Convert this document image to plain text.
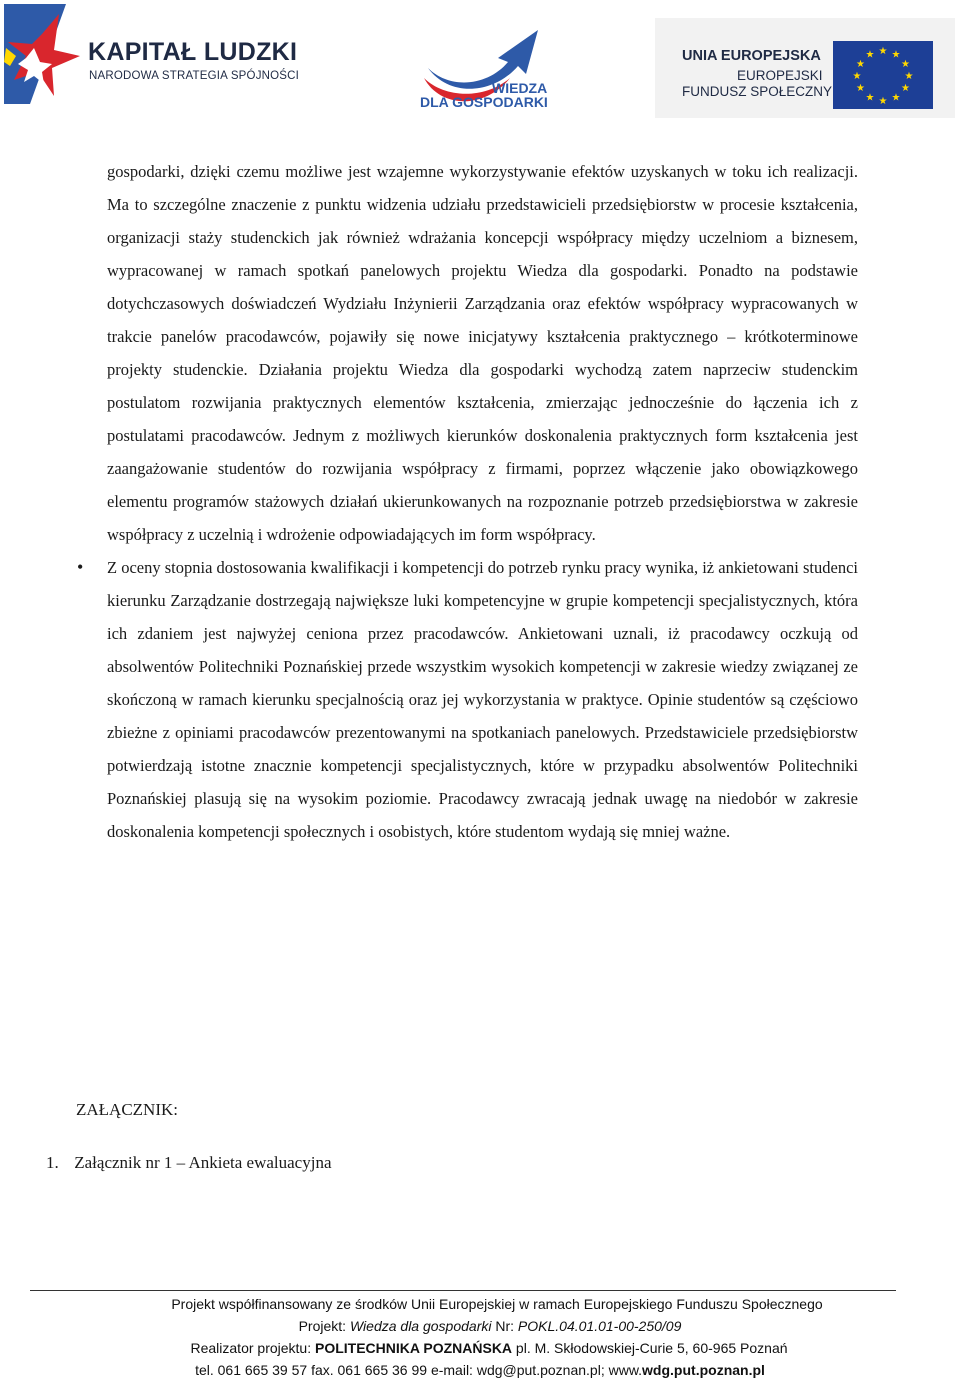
KAPITAŁ LUDZKI
NARODOWA STRATEGIA SPÓJNOŚCI
WIEDZA
DLA GOSPODARKI
UNIA EUROPEJSKA
EUROPEJSKI
FUNDUSZ SPOŁECZNY
★ ★
★
★
★
★
★
★
★
★
★
★

gospodarki, dzięki czemu możliwe jest wzajemne wykorzystywanie efektów uzyskanych w toku ich realizacji. Ma to szczególne znaczenie z punktu widzenia udziału przedstawicieli przedsiębiorstw w procesie kształcenia, organizacji staży studenckich jak również wdrażania koncepcji współpracy między uczelniom a biznesem, wypracowanej w ramach spotkań panelowych projektu Wiedza dla gospodarki. Ponadto na podstawie dotychczasowych doświadczeń Wydziału Inżynierii Zarządzania oraz efektów współpracy wypracowanych w trakcie panelów pracodawców, pojawiły się nowe inicjatywy kształcenia praktycznego – krótkoterminowe projekty studenckie. Działania projektu Wiedza dla gospodarki wychodzą zatem naprzeciw studenckim postulatom rozwijania praktycznych elementów kształcenia, zmierzając jednocześnie do łączenia ich z postulatami pracodawców. Jednym z możliwych kierunków doskonalenia praktycznych form kształcenia jest zaangażowanie studentów do rozwijania współpracy z firmami, poprzez włączenie jako obowiązkowego elementu programów stażowych działań ukierunkowanych na rozpoznanie potrzeb przedsiębiorstwa w zakresie współpracy z uczelnią i wdrożenie odpowiadających im form współpracy.

• Z oceny stopnia dostosowania kwalifikacji i kompetencji do potrzeb rynku pracy wynika, iż ankietowani studenci kierunku Zarządzanie dostrzegają największe luki kompetencyjne w grupie kompetencji specjalistycznych, która ich zdaniem jest najwyżej ceniona przez pracodawców. Ankietowani uznali, iż pracodawcy oczkują od absolwentów Politechniki Poznańskiej przede wszystkim wysokich kompetencji w zakresie wiedzy związanej ze skończoną w ramach kierunku specjalnością oraz jej wykorzystania w praktyce. Opinie studentów są częściowo zbieżne z opiniami pracodawców prezentowanymi na spotkaniach panelowych. Przedstawiciele przedsiębiorstw potwierdzają istotne znacznie kompetencji specjalistycznych, które w przypadku absolwentów Politechniki Poznańskiej plasują się na wysokim poziomie. Pracodawcy zwracają jednak uwagę na niedobór w zakresie doskonalenia kompetencji społecznych i osobistych, które studentom wydają się mniej ważne.

ZAŁĄCZNIK:
1. Załącznik nr 1 – Ankieta ewaluacyjna
Projekt współfinansowany ze środków Unii Europejskiej w ramach Europejskiego Funduszu Społecznego
Projekt: Wiedza dla gospodarki Nr: POKL.04.01.01-00-250/09
Realizator projektu: POLITECHNIKA POZNAŃSKA pl. M. Skłodowskiej-Curie 5, 60-965 Poznań
tel. 061 665 39 57 fax. 061 665 36 99 e-mail: wdg@put.poznan.pl; www.wdg.put.poznan.pl
